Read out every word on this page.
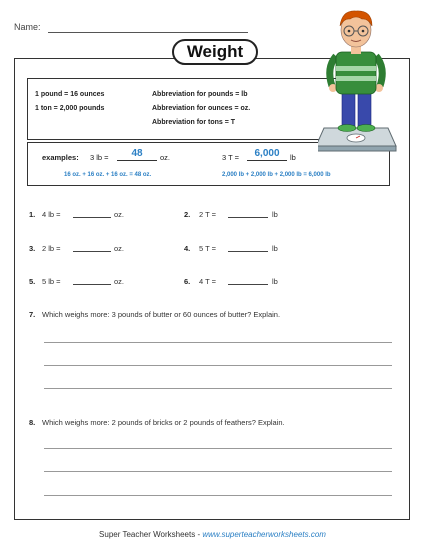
Name:
Weight
1 pound = 16 ounces
1 ton = 2,000 pounds
Abbreviation for pounds = lb
Abbreviation for ounces = oz.
Abbreviation for tons = T
examples: 3 lb =	48	oz.
16 oz. + 16 oz. + 16 oz. = 48 oz.
3 T =	6,000	lb
2,000 lb + 2,000 lb + 2,000 lb = 6,000 lb
1. 4 lb =	oz.	2. 2 T =	lb
3. 2 lb =	oz.	4. 5 T =	lb
5. 5 lb =	oz.	6. 4 T =	lb
7. Which weighs more: 3 pounds of butter or 60 ounces of butter? Explain.
8. Which weighs more: 2 pounds of bricks or 2 pounds of feathers? Explain.
Super Teacher Worksheets - www.superteacherworksheets.com
